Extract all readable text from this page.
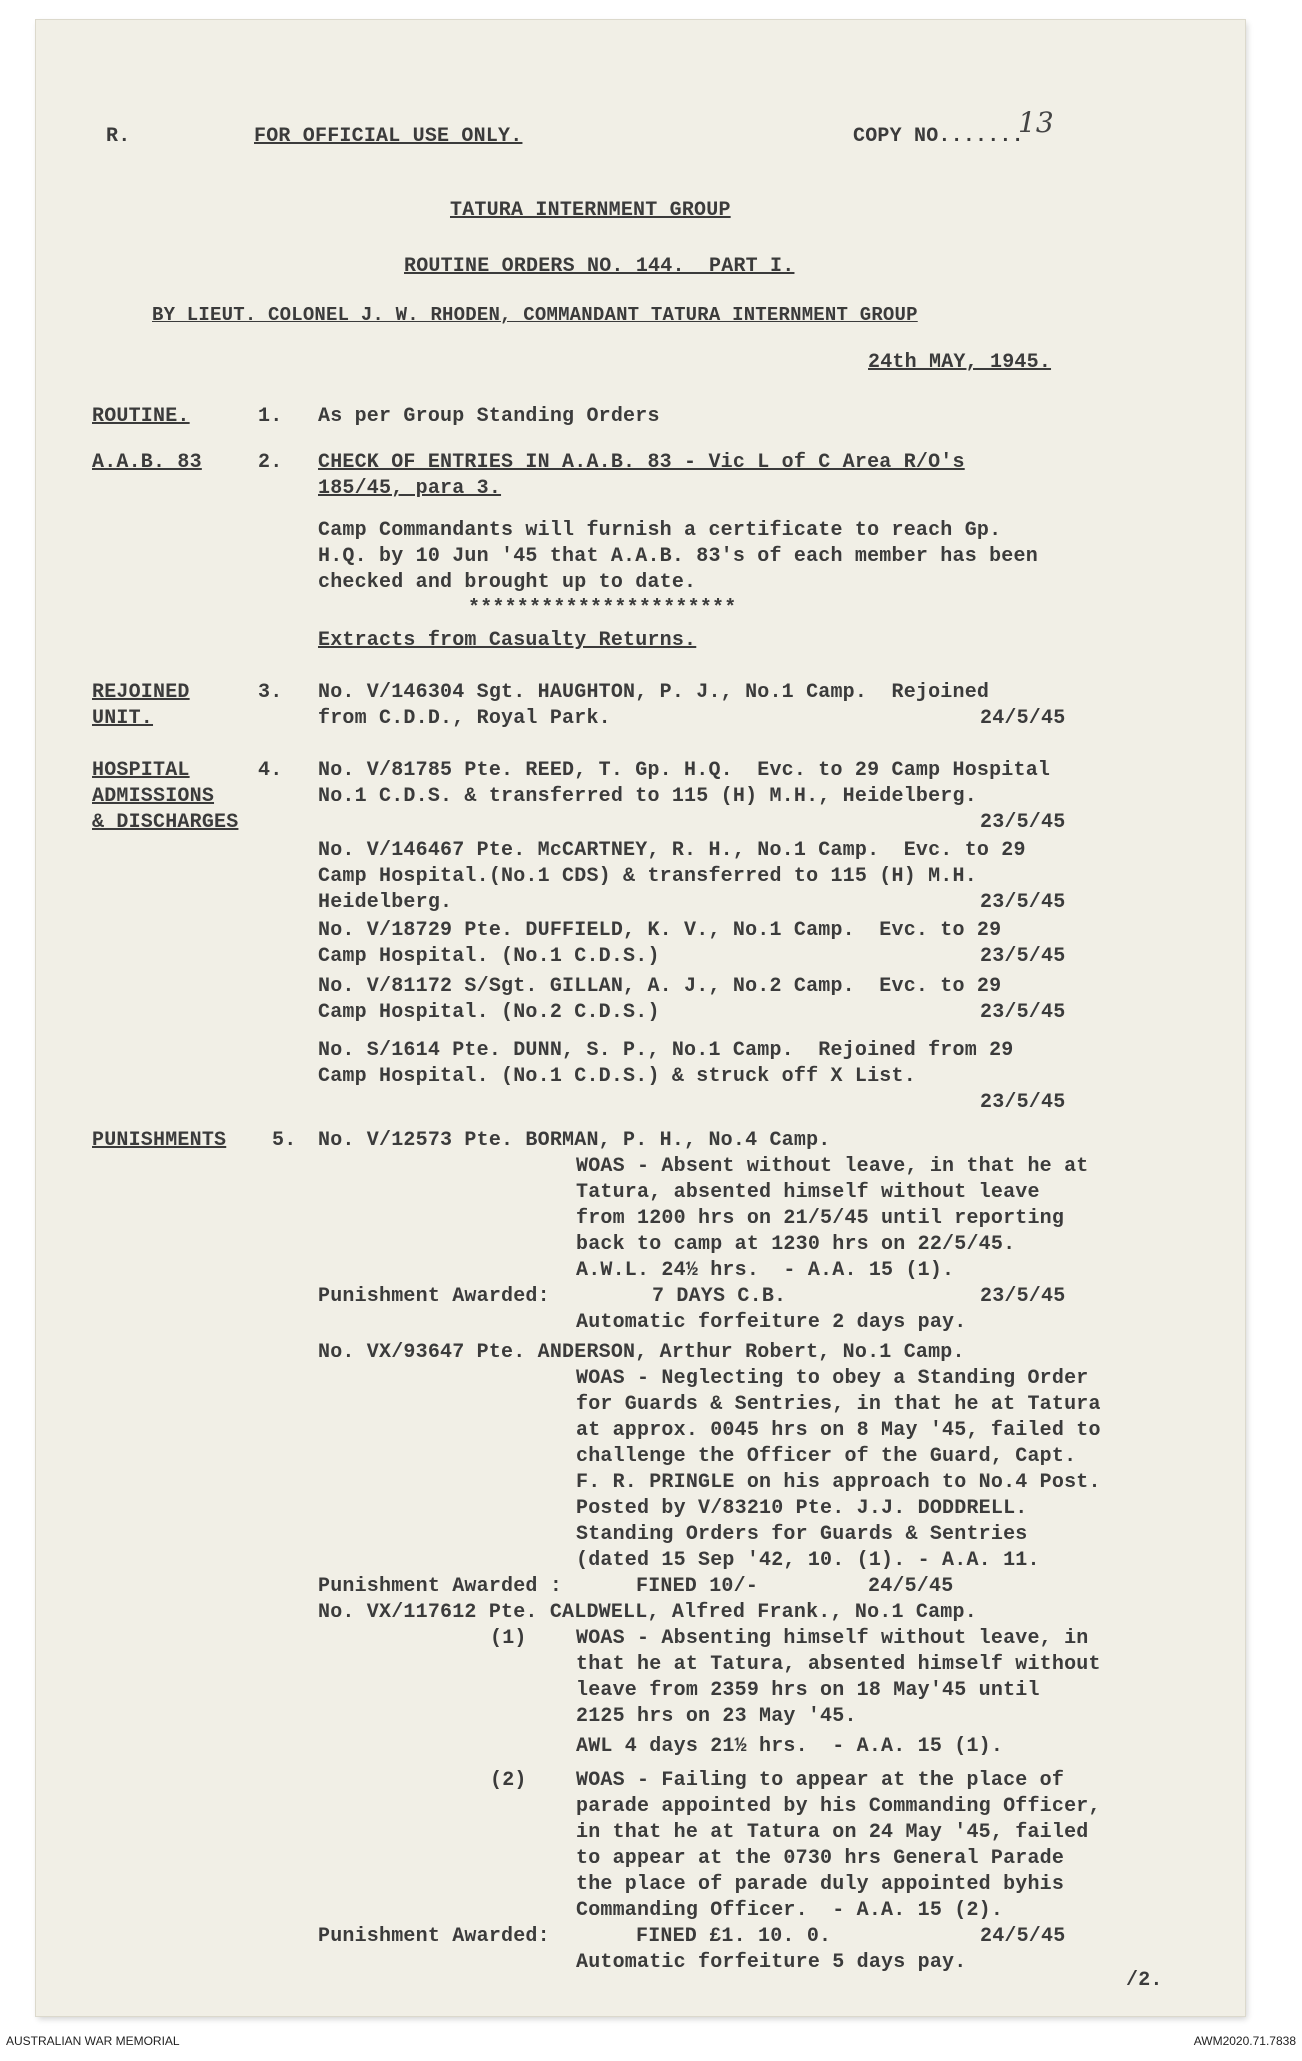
R.	FOR OFFICIAL USE ONLY.	COPY NO.......
13
TATURA INTERNMENT GROUP
ROUTINE ORDERS NO. 144.  PART I.
BY LIEUT. COLONEL J. W. RHODEN, COMMANDANT TATURA INTERNMENT GROUP
24th MAY, 1945.
ROUTINE.	1. As per Group Standing Orders
A.A.B. 83	2. CHECK OF ENTRIES IN A.A.B. 83 - Vic L of C Area R/O's
185/45, para 3.
Camp Commandants will furnish a certificate to reach Gp.
H.Q. by 10 Jun '45 that A.A.B. 83's of each member has been
checked and brought up to date.
**********************
Extracts from Casualty Returns.
REJOINED
UNIT.
3. No. V/146304 Sgt. HAUGHTON, P. J., No.1 Camp.  Rejoined
from C.D.D., Royal Park.	24/5/45
HOSPITAL
ADMISSIONS
& DISCHARGES
4. No. V/81785 Pte. REED, T. Gp. H.Q.  Evc. to 29 Camp Hospital
No.1 C.D.S. & transferred to 115 (H) M.H., Heidelberg.
23/5/45
No. V/146467 Pte. McCARTNEY, R. H., No.1 Camp.  Evc. to 29
Camp Hospital.(No.1 CDS) & transferred to 115 (H) M.H.
Heidelberg.	23/5/45
No. V/18729 Pte. DUFFIELD, K. V., No.1 Camp.  Evc. to 29
Camp Hospital. (No.1 C.D.S.)	23/5/45
No. V/81172 S/Sgt. GILLAN, A. J., No.2 Camp.  Evc. to 29
Camp Hospital. (No.2 C.D.S.)	23/5/45
No. S/1614 Pte. DUNN, S. P., No.1 Camp.  Rejoined from 29
Camp Hospital. (No.1 C.D.S.) & struck off X List.
23/5/45
PUNISHMENTS 5. No. V/12573 Pte. BORMAN, P. H., No.4 Camp.
WOAS - Absent without leave, in that he at
Tatura, absented himself without leave
from 1200 hrs on 21/5/45 until reporting
back to camp at 1230 hrs on 22/5/45.
A.W.L. 24½ hrs.  - A.A. 15 (1).
Punishment Awarded:	7 DAYS C.B.	23/5/45
Automatic forfeiture 2 days pay.
No. VX/93647 Pte. ANDERSON, Arthur Robert, No.1 Camp.
WOAS - Neglecting to obey a Standing Order
for Guards & Sentries, in that he at Tatura
at approx. 0045 hrs on 8 May '45, failed to
challenge the Officer of the Guard, Capt.
F. R. PRINGLE on his approach to No.4 Post.
Posted by V/83210 Pte. J.J. DODDRELL.
Standing Orders for Guards & Sentries
(dated 15 Sep '42, 10. (1). - A.A. 11.
Punishment Awarded :	FINED 10/-	24/5/45
No. VX/117612 Pte. CALDWELL, Alfred Frank., No.1 Camp.
(1) WOAS - Absenting himself without leave, in
that he at Tatura, absented himself without
leave from 2359 hrs on 18 May'45 until
2125 hrs on 23 May '45.
AWL 4 days 21½ hrs.  - A.A. 15 (1).
(2) WOAS - Failing to appear at the place of
parade appointed by his Commanding Officer,
in that he at Tatura on 24 May '45, failed
to appear at the 0730 hrs General Parade
the place of parade duly appointed byhis
Commanding Officer.  - A.A. 15 (2).
Punishment Awarded:	FINED £1. 10. 0.	24/5/45
Automatic forfeiture 5 days pay.
/2.
AUSTRALIAN WAR MEMORIAL	AWM2020.71.7838
